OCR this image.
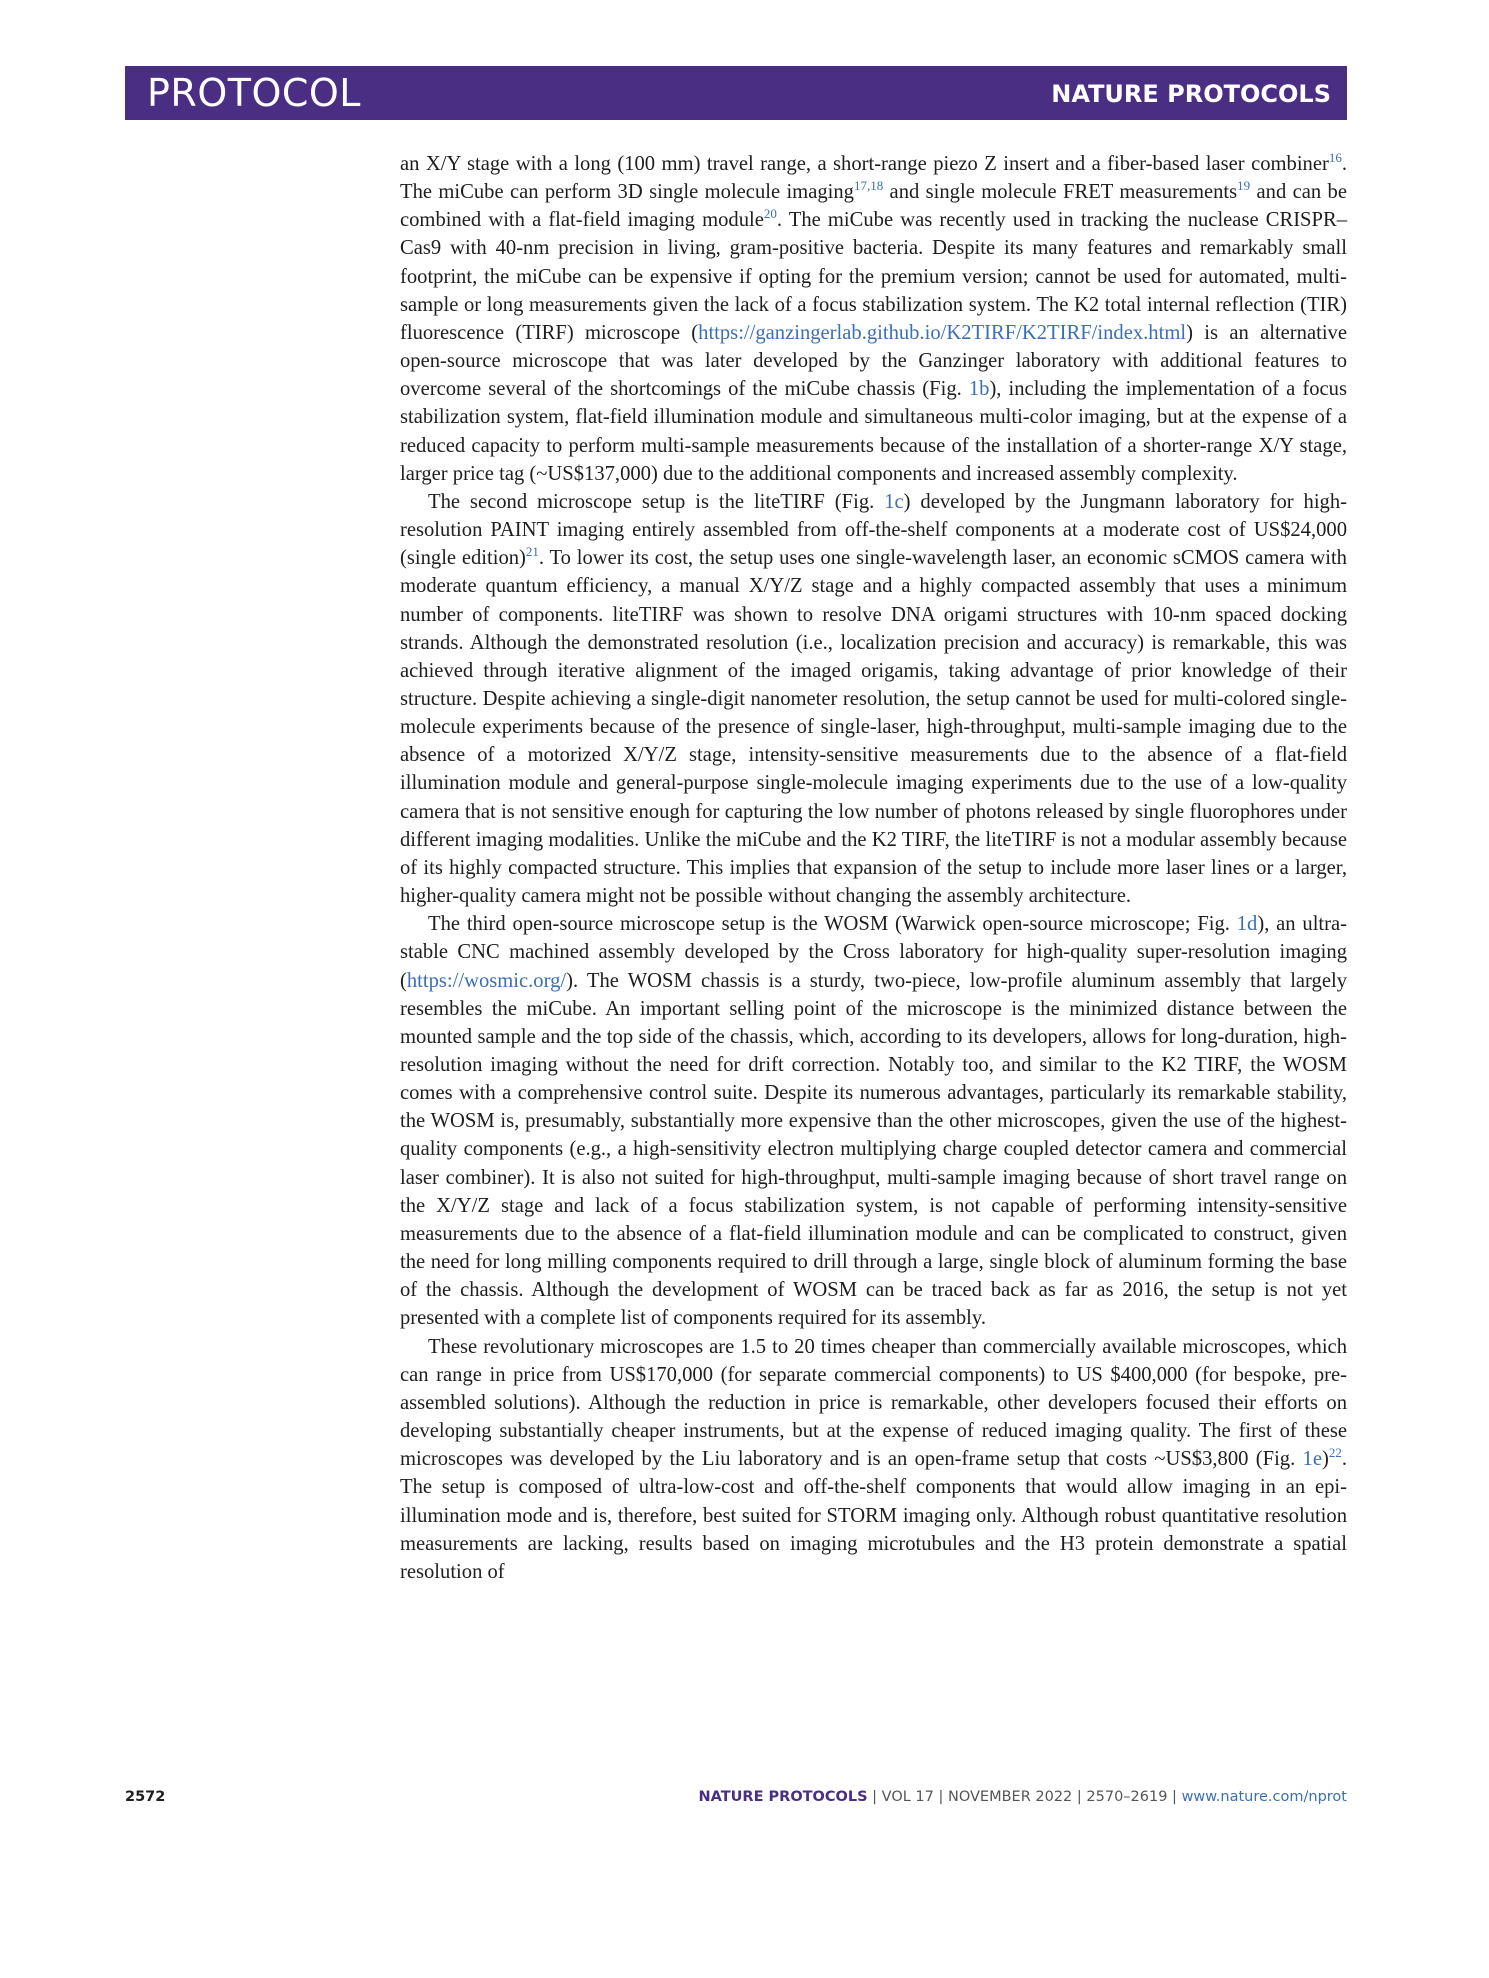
PROTOCOL	NATURE PROTOCOLS

an X/Y stage with a long (100 mm) travel range, a short-range piezo Z insert and a fiber-based laser combiner$^{16}$. The miCube can perform 3D single molecule imaging$^{17,18}$ and single molecule FRET measurements$^{19}$ and can be combined with a flat-field imaging module$^{20}$. The miCube was recently used in tracking the nuclease CRISPR–Cas9 with 40-nm precision in living, gram-positive bacteria. Despite its many features and remarkably small footprint, the miCube can be expensive if opting for the premium version; cannot be used for automated, multi-sample or long measurements given the lack of a focus stabilization system. The K2 total internal reflection (TIR) fluorescence (TIRF) microscope (https://ganzingerlab.github.io/K2TIRF/K2TIRF/index.html) is an alternative open-source microscope that was later developed by the Ganzinger laboratory with additional features to overcome several of the shortcomings of the miCube chassis (Fig. 1b), including the implementation of a focus stabilization system, flat-field illumination module and simultaneous multi-color imaging, but at the expense of a reduced capacity to perform multi-sample measurements because of the installation of a shorter-range X/Y stage, larger price tag (~US$137,000) due to the additional components and increased assembly complexity.

The second microscope setup is the liteTIRF (Fig. 1c) developed by the Jungmann laboratory for high-resolution PAINT imaging entirely assembled from off-the-shelf components at a moderate cost of US$24,000 (single edition)$^{21}$. To lower its cost, the setup uses one single-wavelength laser, an economic sCMOS camera with moderate quantum efficiency, a manual X/Y/Z stage and a highly compacted assembly that uses a minimum number of components. liteTIRF was shown to resolve DNA origami structures with 10-nm spaced docking strands. Although the demonstrated resolution (i.e., localization precision and accuracy) is remarkable, this was achieved through iterative alignment of the imaged origamis, taking advantage of prior knowledge of their structure. Despite achieving a single-digit nanometer resolution, the setup cannot be used for multi-colored single-molecule experiments because of the presence of single-laser, high-throughput, multi-sample imaging due to the absence of a motorized X/Y/Z stage, intensity-sensitive measurements due to the absence of a flat-field illumination module and general-purpose single-molecule imaging experiments due to the use of a low-quality camera that is not sensitive enough for capturing the low number of photons released by single fluorophores under different imaging modalities. Unlike the miCube and the K2 TIRF, the liteTIRF is not a modular assembly because of its highly compacted structure. This implies that expansion of the setup to include more laser lines or a larger, higher-quality camera might not be possible without changing the assembly architecture.

The third open-source microscope setup is the WOSM (Warwick open-source microscope; Fig. 1d), an ultra-stable CNC machined assembly developed by the Cross laboratory for high-quality super-resolution imaging (https://wosmic.org/). The WOSM chassis is a sturdy, two-piece, low-profile aluminum assembly that largely resembles the miCube. An important selling point of the microscope is the minimized distance between the mounted sample and the top side of the chassis, which, according to its developers, allows for long-duration, high-resolution imaging without the need for drift correction. Notably too, and similar to the K2 TIRF, the WOSM comes with a comprehensive control suite. Despite its numerous advantages, particularly its remarkable stability, the WOSM is, presumably, substantially more expensive than the other microscopes, given the use of the highest-quality components (e.g., a high-sensitivity electron multiplying charge coupled detector camera and commercial laser combiner). It is also not suited for high-throughput, multi-sample imaging because of short travel range on the X/Y/Z stage and lack of a focus stabilization system, is not capable of performing intensity-sensitive measurements due to the absence of a flat-field illumination module and can be complicated to construct, given the need for long milling components required to drill through a large, single block of aluminum forming the base of the chassis. Although the development of WOSM can be traced back as far as 2016, the setup is not yet presented with a complete list of components required for its assembly.

These revolutionary microscopes are 1.5 to 20 times cheaper than commercially available microscopes, which can range in price from US$170,000 (for separate commercial components) to US $400,000 (for bespoke, pre-assembled solutions). Although the reduction in price is remarkable, other developers focused their efforts on developing substantially cheaper instruments, but at the expense of reduced imaging quality. The first of these microscopes was developed by the Liu laboratory and is an open-frame setup that costs ~US$3,800 (Fig. 1e)$^{22}$. The setup is composed of ultra-low-cost and off-the-shelf components that would allow imaging in an epi-illumination mode and is, therefore, best suited for STORM imaging only. Although robust quantitative resolution measurements are lacking, results based on imaging microtubules and the H3 protein demonstrate a spatial resolution of

2572	NATURE PROTOCOLS | VOL 17 | NOVEMBER 2022 | 2570–2619 | www.nature.com/nprot
